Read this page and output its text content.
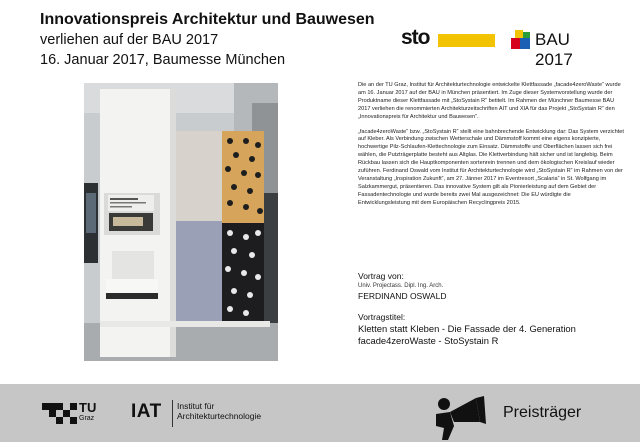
Innovationspreis Architektur und Bauwesen

verliehen auf der BAU 2017

16. Januar 2017, Baumesse München

sto	BAU 2017

Die an der TU Graz, Institut für Architekturtechnologie entwickelte Klettfassade „facade4zeroWaste“ wurde am 16. Januar 2017 auf der BAU in München präsentiert. Im Zuge dieser Systemvorstellung wurde der Produktname dieser Klettfassade mit „StoSystain R“ betitelt. Im Rahmen der Münchner Baumesse BAU 2017 verliehen die renommierten Architekturzeitschriften AIT und XIA für das Projekt „StoSystain R“ den „Innovationspreis für Architektur und Bauwesen“.

„facade4zeroWaste“ bzw. „StoSystain R“ stellt eine bahnbrechende Entwicklung dar: Das System verzichtet auf Kleber. Als Verbindung zwischen Wetterschale und Dämmstoff kommt eine eigens konzipierte, hochwertige Pilz-Schlaufen-Klettechnologie zum Einsatz. Dämmstoffe und Oberflächen lassen sich frei wählen, die Putzträgerplatte besteht aus Altglas. Die Klettverbindung hält sicher und ist langlebig. Beim Rückbau lassen sich die Hauptkomponenten sortenrein trennen und dem ökologischen Kreislauf wieder zuführen. Ferdinand Oswald vom Institut für Architekturtechnologie wird „StoSystain R“ im Rahmen von der Veranstaltung „Inspiration Zukunft“, am 27. Jänner 2017 im Eventresort „Scalaria“ in St. Wolfgang im Salzkammergut, präsentieren. Das innovative System gilt als Pionierleistung auf dem Gebiet der Fassadentechnologie und wurde bereits zwei Mal ausgezeichnet: Die EU würdigte die Entwicklungsleistung mit dem Europäischen Recyclingpreis 2015.

Vortrag von:
Univ. Projectass. Dipl. Ing. Arch.
FERDINAND OSWALD
Vortragstitel:
Kletten statt Kleben - Die Fassade der 4. Generation
facade4zeroWaste - StoSystain R
TU
Graz IAT Institut für
Architekturtechnologie	Preisträger
